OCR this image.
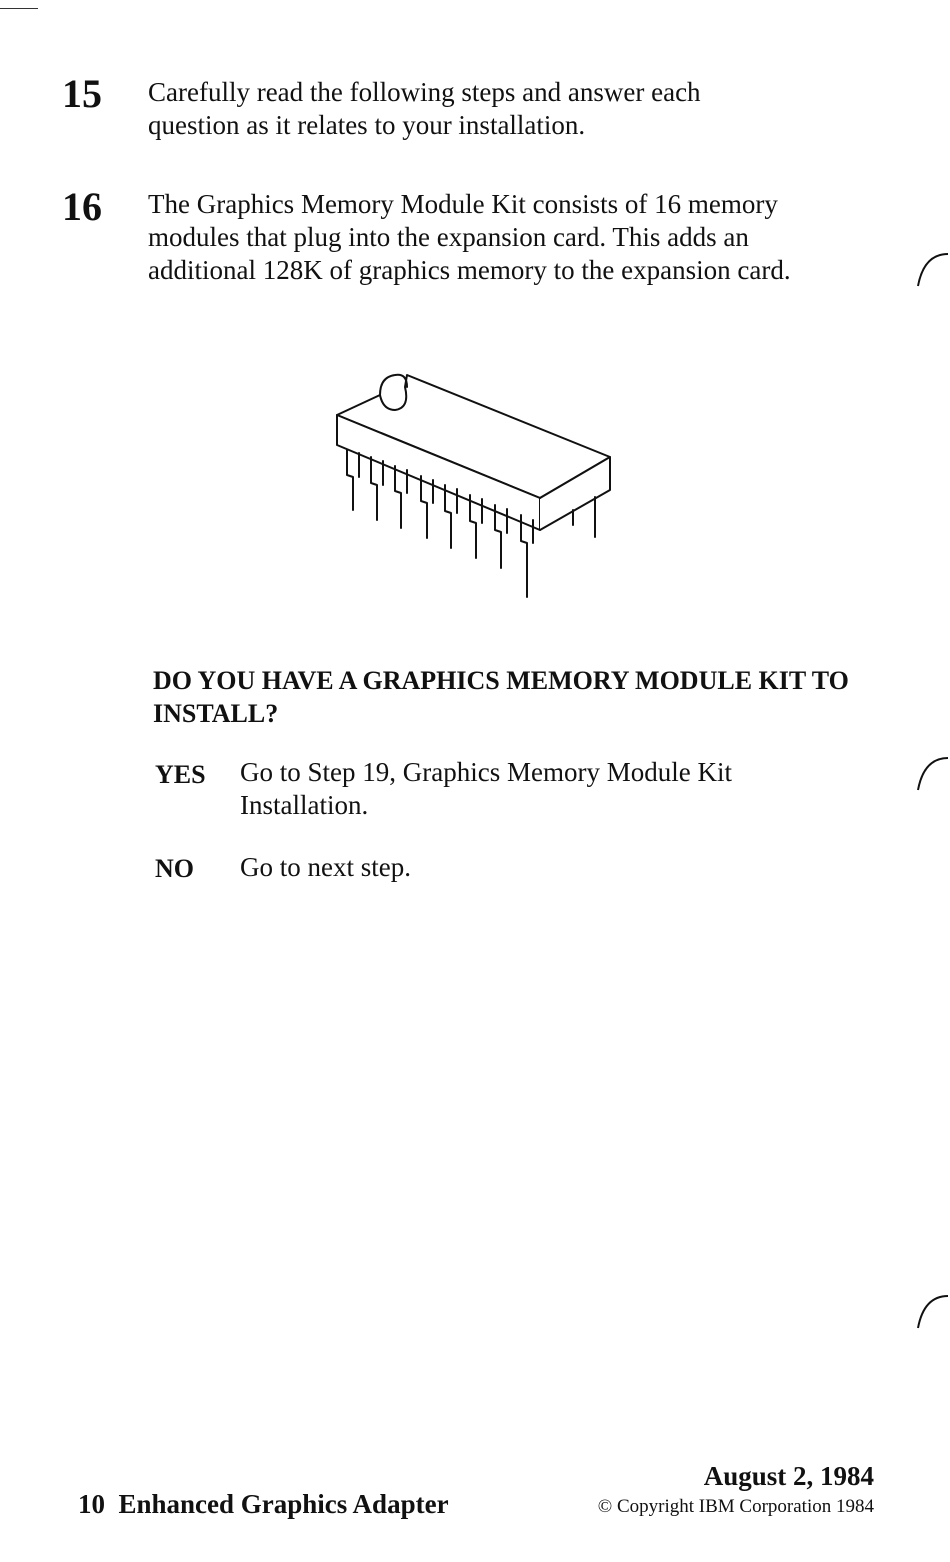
15 Carefully read the following steps and answer each question as it relates to your installation.
16 The Graphics Memory Module Kit consists of 16 memory modules that plug into the expansion card. This adds an additional 128K of graphics memory to the expansion card.
DO YOU HAVE A GRAPHICS MEMORY MODULE KIT TO INSTALL?
YES Go to Step 19, Graphics Memory Module Kit Installation.
NO Go to next step.
10  Enhanced Graphics Adapter
August 2, 1984
© Copyright IBM Corporation 1984
